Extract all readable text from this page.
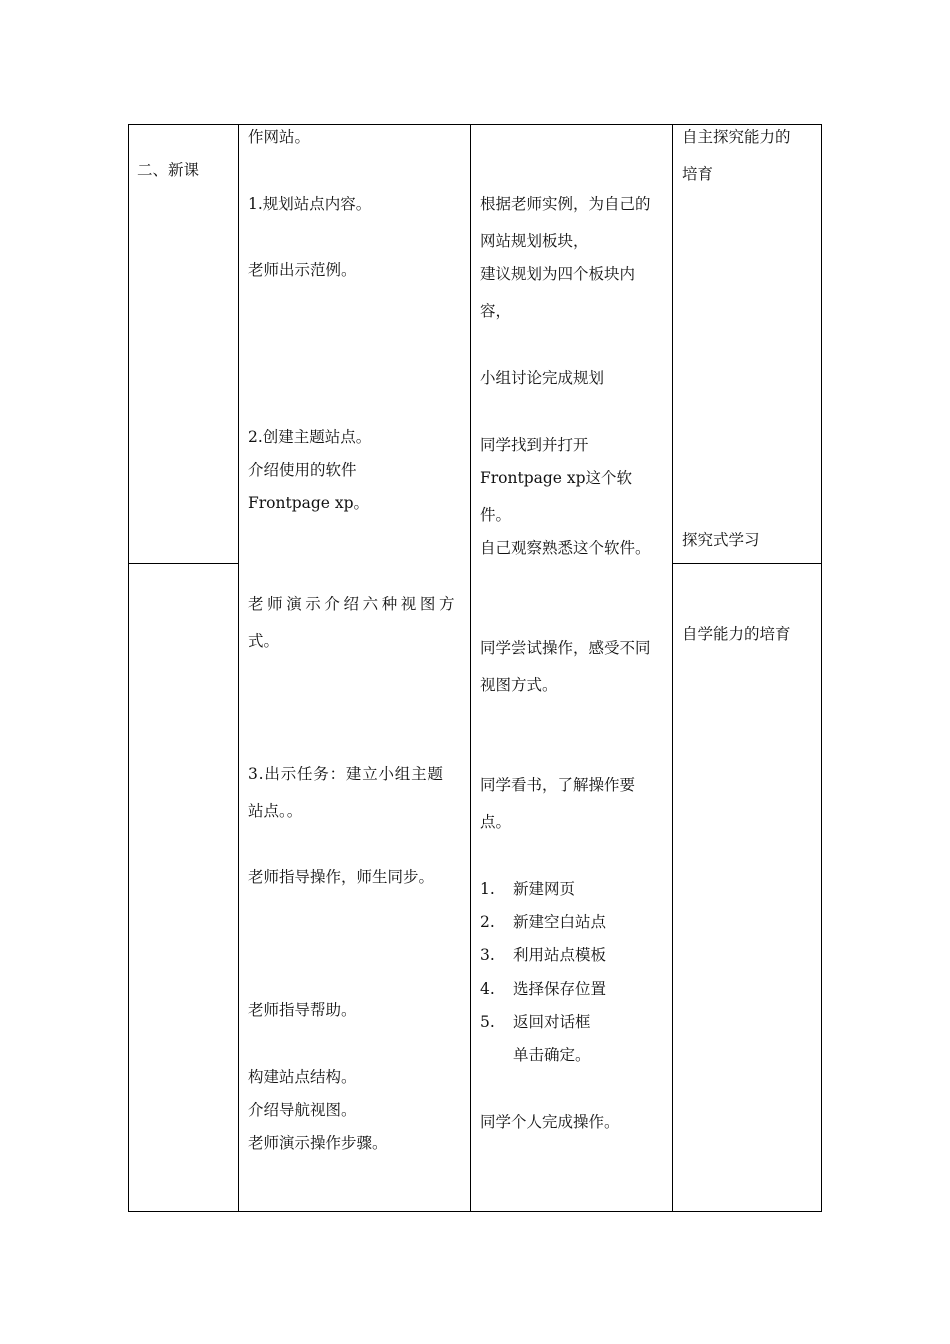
二、新课
作网站。
1.规划站点内容。
老师出示范例。
2.创建主题站点。
介绍使用的软件
Frontpage xp。
老师演示介绍六种视图方
式。
3.出示任务：建立小组主题
站点。。
老师指导操作，师生同步。
老师指导帮助。
构建站点结构。
介绍导航视图。
老师演示操作步骤。
根据老师实例，为自己的
网站规划板块，
建议规划为四个板块内
容，
小组讨论完成规划
同学找到并打开
Frontpage xp这个软
件。
自己观察熟悉这个软件。
同学尝试操作，感受不同
视图方式。
同学看书，了解操作要
点。
1. 新建网页
2. 新建空白站点
3. 利用站点模板
4. 选择保存位置
5. 返回对话框
单击确定。
同学个人完成操作。
自主探究能力的
培育
探究式学习
自学能力的培育
